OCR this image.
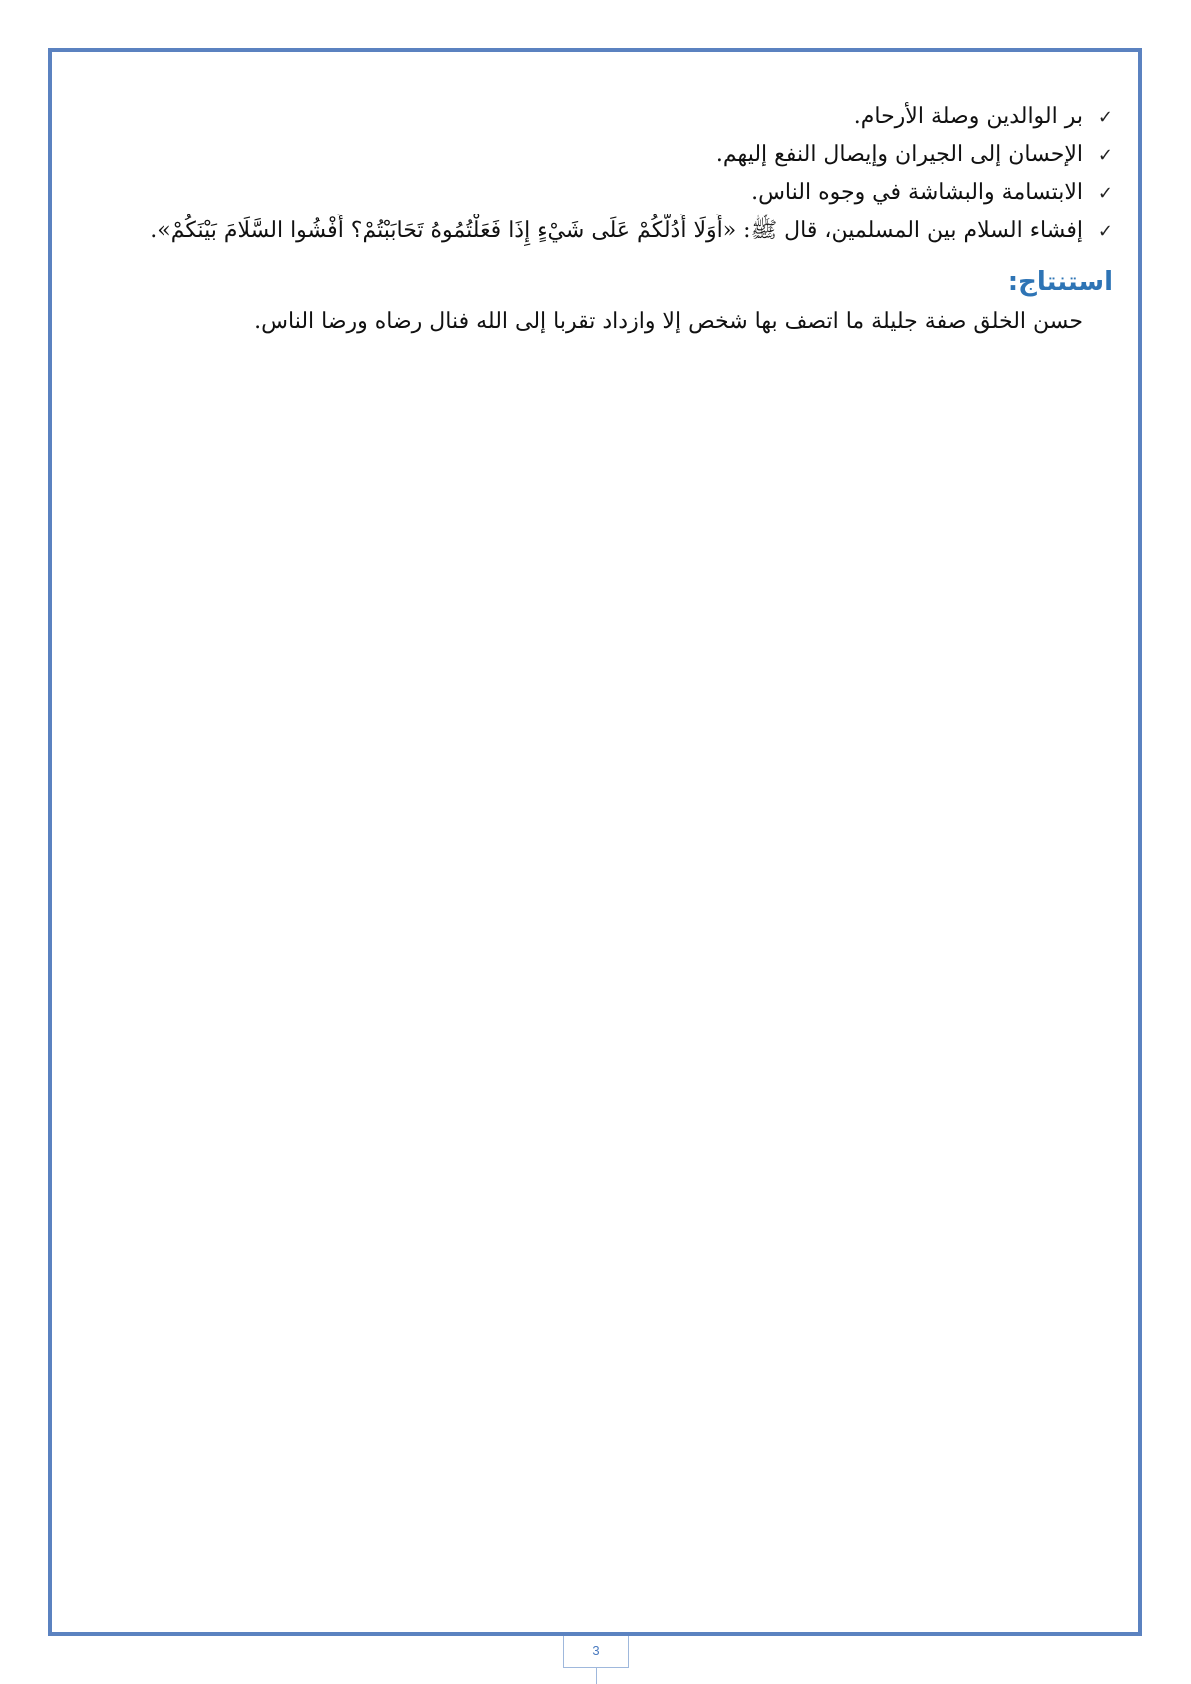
✓بر الوالدين وصلة الأرحام.
✓الإحسان إلى الجيران وإيصال النفع إليهم.
✓الابتسامة والبشاشة في وجوه الناس.
✓إفشاء السلام بين المسلمين، قال ﷺ: «أَوَلَا أَدُلُّكُمْ عَلَى شَيْءٍ إِذَا فَعَلْتُمُوهُ تَحَابَبْتُمْ؟ أَفْشُوا السَّلَامَ بَيْنَكُمْ».
استنتاج:
حسن الخلق صفة جليلة ما اتصف بها شخص إلا وازداد تقربا إلى الله فنال رضاه ورضا الناس.
3
